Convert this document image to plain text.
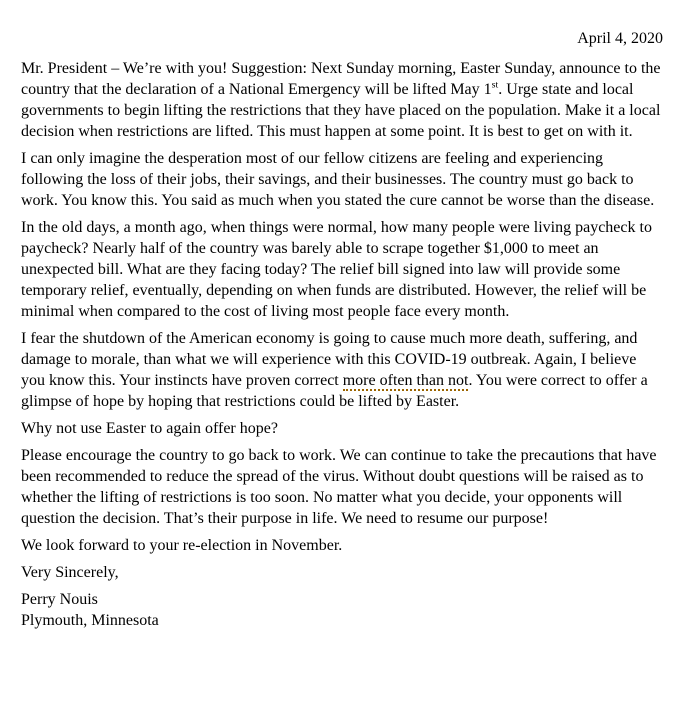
April 4, 2020

Mr. President – We’re with you! Suggestion: Next Sunday morning, Easter Sunday, announce to the country that the declaration of a National Emergency will be lifted May 1st. Urge state and local governments to begin lifting the restrictions that they have placed on the population. Make it a local decision when restrictions are lifted. This must happen at some point. It is best to get on with it.

I can only imagine the desperation most of our fellow citizens are feeling and experiencing following the loss of their jobs, their savings, and their businesses. The country must go back to work. You know this. You said as much when you stated the cure cannot be worse than the disease.

In the old days, a month ago, when things were normal, how many people were living paycheck to paycheck? Nearly half of the country was barely able to scrape together $1,000 to meet an unexpected bill. What are they facing today? The relief bill signed into law will provide some temporary relief, eventually, depending on when funds are distributed. However, the relief will be minimal when compared to the cost of living most people face every month.

I fear the shutdown of the American economy is going to cause much more death, suffering, and damage to morale, than what we will experience with this COVID-19 outbreak. Again, I believe you know this. Your instincts have proven correct more often than not. You were correct to offer a glimpse of hope by hoping that restrictions could be lifted by Easter.

Why not use Easter to again offer hope?

Please encourage the country to go back to work. We can continue to take the precautions that have been recommended to reduce the spread of the virus. Without doubt questions will be raised as to whether the lifting of restrictions is too soon. No matter what you decide, your opponents will question the decision. That’s their purpose in life. We need to resume our purpose!

We look forward to your re-election in November.

Very Sincerely,

Perry Nouis
Plymouth, Minnesota
